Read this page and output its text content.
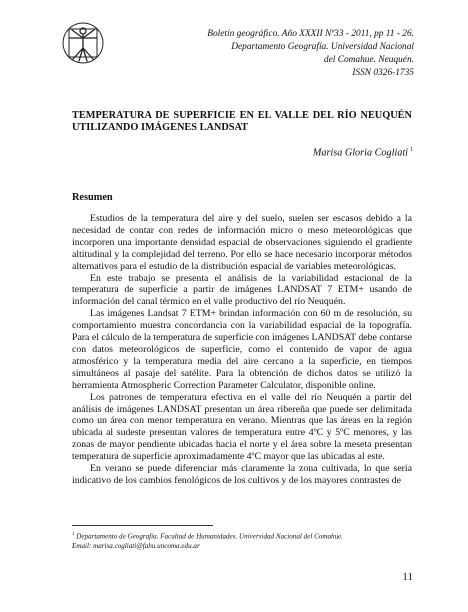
Boletín geográfico. Año XXXII Nº33 - 2011, pp 11 - 26.
Departamento Geografía. Universidad Nacional
del Comahue. Neuquén.
ISSN 0326-1735
TEMPERATURA DE SUPERFICIE EN EL VALLE DEL RÍO NEUQUÉN UTILIZANDO IMÁGENES LANDSAT
Marisa Gloria Cogliati $^1$
Resumen

Estudios de la temperatura del aire y del suelo, suelen ser escasos debido a la necesidad de contar con redes de información micro o meso meteorológicas que incorporen una importante densidad espacial de observaciones siguiendo el gradiente altitudinal y la complejidad del terreno. Por ello se hace necesario incorporar métodos alternativos para el estudio de la distribución espacial de variables meteorológicas.

En este trabajo se presenta el análisis de la variabilidad estacional de la temperatura de superficie a partir de imágenes LANDSAT 7 ETM+ usando de información del canal térmico en el valle productivo del río Neuquén.

Las imágenes Landsat 7 ETM+ brindan información con 60 m de resolución, su comportamiento muestra concordancia con la variabilidad espacial de la topografía. Para el cálculo de la temperatura de superficie con imágenes LANDSAT debe contarse con datos meteorológicos de superficie, como el contenido de vapor de agua atmosférico y la temperatura media del aire cercano a la superficie, en tiempos simultáneos al pasaje del satélite. Para la obtención de dichos datos se utilizó la herramienta Atmospheric Correction Parameter Calculator, disponible online.

Los patrones de temperatura efectiva en el valle del río Neuquén a partir del análisis de imágenes LANDSAT presentan un área ribereña que puede ser delimitada como un área con menor temperatura en verano. Mientras que las áreas en la región ubicada al sudeste presentan valores de temperatura entre 4ºC y 5ºC menores, y las zonas de mayor pendiente ubicadas hacia el norte y el área sobre la meseta presentan temperatura de superficie aproximadamente 4ºC mayor que las ubicadas al este.

En verano se puede diferenciar más claramente la zona cultivada, lo que sería indicativo de los cambios fenológicos de los cultivos y de los mayores contrastes de

$^1$ Departamento de Geografía. Facultad de Humanidades. Universidad Nacional del Comahue.
Email: marisa.cogliati@fahu.uncoma.edu.ar
11
